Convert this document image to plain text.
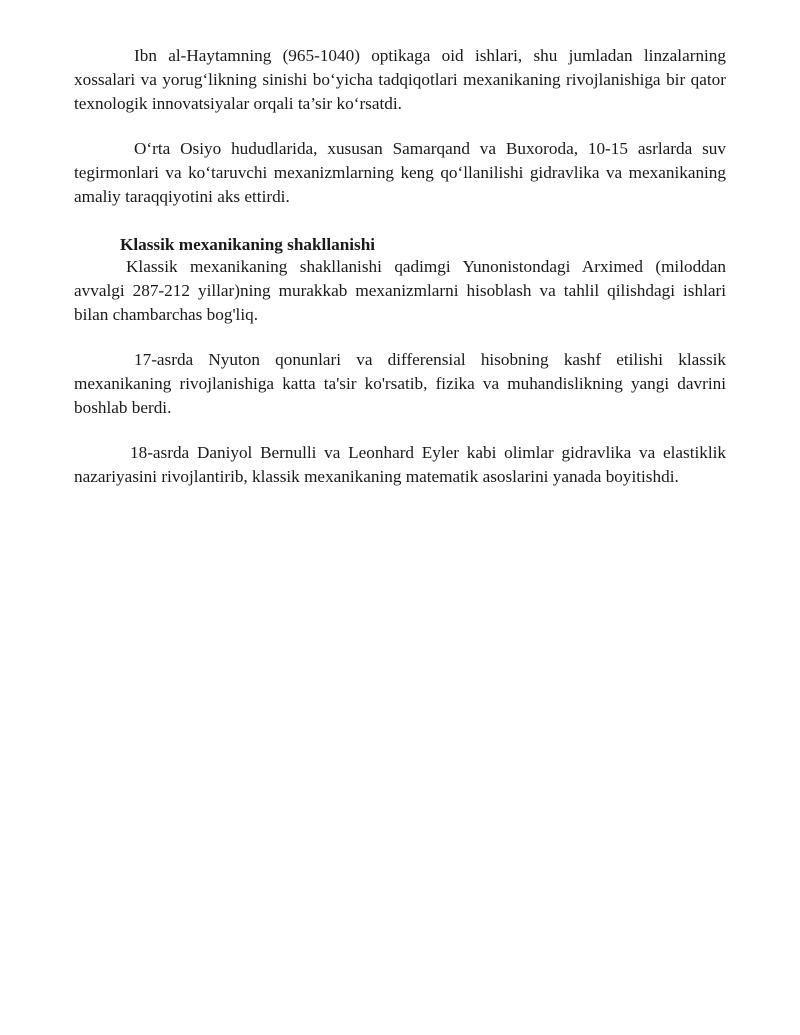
Ibn al-Haytamning (965-1040) optikaga oid ishlari, shu jumladan linzalarning xossalari va yorug‘likning sinishi bo‘yicha tadqiqotlari mexanikaning rivojlanishiga bir qator texnologik innovatsiyalar orqali ta’sir ko‘rsatdi.

O‘rta Osiyo hududlarida, xususan Samarqand va Buxoroda, 10-15 asrlarda suv tegirmonlari va ko‘taruvchi mexanizmlarning keng qo‘llanilishi gidravlika va mexanikaning amaliy taraqqiyotini aks ettirdi.

Klassik mexanikaning shakllanishi

Klassik mexanikaning shakllanishi qadimgi Yunonistondagi Arximed (miloddan avvalgi 287-212 yillar)ning murakkab mexanizmlarni hisoblash va tahlil qilishdagi ishlari bilan chambarchas bog'liq.

17-asrda Nyuton qonunlari va differensial hisobning kashf etilishi klassik mexanikaning rivojlanishiga katta ta'sir ko'rsatib, fizika va muhandislikning yangi davrini boshlab berdi.

18-asrda Daniyol Bernulli va Leonhard Eyler kabi olimlar gidravlika va elastiklik nazariyasini rivojlantirib, klassik mexanikaning matematik asoslarini yanada boyitishdi.
